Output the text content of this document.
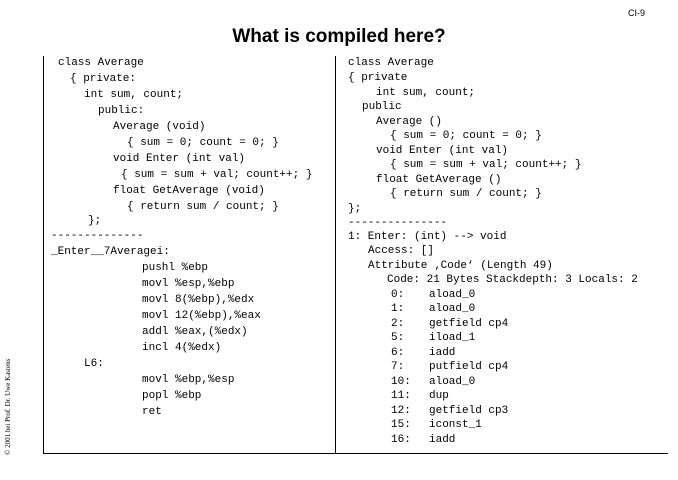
CI-9
What is compiled here?
class Average
{ private:
int sum, count;
public:
Average (void)
{ sum = 0; count = 0; }
void Enter (int val)
{ sum = sum + val; count++; }
float GetAverage (void)
{ return sum / count; }
};
--------------
_Enter__7Averagei:
pushl %ebp
movl %esp,%ebp
movl 8(%ebp),%edx
movl 12(%ebp),%eax
addl %eax,(%edx)
incl 4(%edx)
L6:
movl %ebp,%esp
popl %ebp
ret
class Average
{ private
int sum, count;
public
Average ()
{ sum = 0; count = 0; }
void Enter (int val)
{ sum = sum + val; count++; }
float GetAverage ()
{ return sum / count; }
};
---------------
1: Enter: (int) --> void
Access: []
Attribute ‚Code‘ (Length 49)
Code: 21 Bytes Stackdepth: 3 Locals: 2
0: aload_0
1: aload_0
2: getfield cp4
5: iload_1
6: iadd
7: putfield cp4
10: aload_0
11: dup
12: getfield cp3
15: iconst_1
16: iadd
© 2001 bei Prof. Dr. Uwe Kastens
